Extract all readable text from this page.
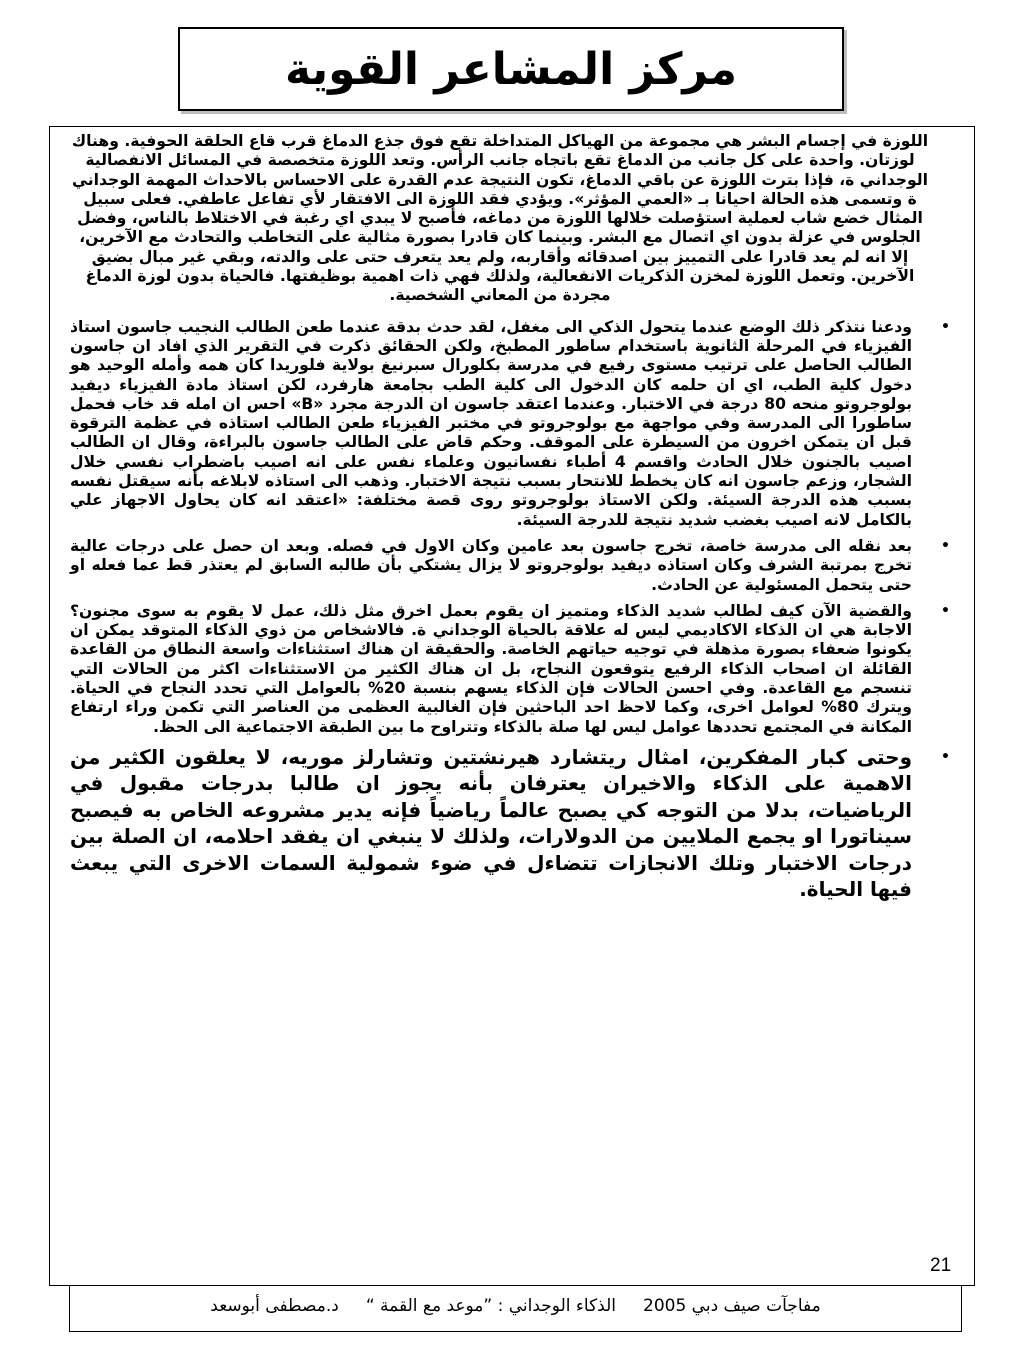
مركز المشاعر القوية

اللوزة في إجسام البشر هي مجموعة من الهياكل المتداخلة تقع فوق جذع الدماغ قرب قاع الحلقة الحوفية. وهناك لوزتان. واحدة على كل جانب من الدماغ تقع باتجاه جانب الرأس. وتعد اللوزة متخصصة في المسائل الانفصالية الوجداني ة، فإذا بترت اللوزة عن باقي الدماغ، تكون النتيجة عدم القدرة على الاحساس بالاحداث المهمة الوجداني ة وتسمى هذه الحالة احيانا بـ «العمي المؤثر». ويؤدي فقد اللوزة الى الافتقار لأي تفاعل عاطفي. فعلى سبيل المثال خضع شاب لعملية استؤصلت خلالها اللوزة من دماغه، فأصبح لا يبدي اي رغبة في الاختلاط بالناس، وفضل الجلوس في عزلة بدون اي اتصال مع البشر. وبينما كان قادرا بصورة مثالية على التخاطب والتحادث مع الآخرين، إلا انه لم يعد قادرا على التمييز بين اصدقائه وأقاربه، ولم يعد يتعرف حتى على والدته، وبقي غير مبال بضيق الآخرين. وتعمل اللوزة لمخزن الذكريات الانفعالية، ولذلك فهي ذات اهمية بوظيفتها. فالحياة بدون لوزة الدماغ مجردة من المعاني الشخصية.

•
ودعنا نتذكر ذلك الوضع عندما يتحول الذكي الى مغفل، لقد حدث بدقة عندما طعن الطالب النجيب جاسون استاذ الفيزياء في المرحلة الثانوية باستخدام ساطور المطبخ، ولكن الحقائق ذكرت في التقرير الذي افاد ان جاسون الطالب الحاصل على ترتيب مستوى رفيع في مدرسة بكلورال سبرنيغ بولاية فلوريدا كان همه وأمله الوحيد هو دخول كلية الطب، اي ان حلمه كان الدخول الى كلية الطب بجامعة هارفرد، لكن استاذ مادة الفيزياء ديفيد بولوجروتو منحه 80 درجة في الاختبار. وعندما اعتقد جاسون ان الدرجة مجرد «B» احس ان امله قد خاب فحمل ساطورا الى المدرسة وفي مواجهة مع بولوجروتو في مختبر الفيزياء طعن الطالب استاذه في عظمة الترقوة قبل ان يتمكن اخرون من السيطرة على الموقف. وحكم قاض على الطالب جاسون بالبراءة، وقال ان الطالب اصيب بالجنون خلال الحادث واقسم 4 أطباء نفسانيون وعلماء نفس على انه اصيب باضطراب نفسي خلال الشجار، وزعم جاسون انه كان يخطط للانتحار بسبب نتيجة الاختبار. وذهب الى استاذه لابلاغه بأنه سيقتل نفسه بسبب هذه الدرجة السيئة. ولكن الاستاذ بولوجروتو روى قصة مختلفة: «اعتقد انه كان يحاول الاجهاز علي بالكامل لانه اصيب بغضب شديد نتيجة للدرجة السيئة.
•
بعد نقله الى مدرسة خاصة، تخرج جاسون بعد عامين وكان الاول في فصله. وبعد ان حصل على درجات عالية تخرج بمرتبة الشرف وكان استاذه ديفيد بولوجروتو لا يزال يشتكي بأن طالبه السابق لم يعتذر قط عما فعله او حتى يتحمل المسئولية عن الحادث.
•
والقضية الآن كيف لطالب شديد الذكاء ومتميز ان يقوم بعمل اخرق مثل ذلك، عمل لا يقوم به سوى مجنون؟ الاجابة هي ان الذكاء الاكاديمي ليس له علاقة بالحياة الوجداني ة. فالاشخاص من ذوي الذكاء المتوقد يمكن ان يكونوا ضعفاء بصورة مذهلة في توجيه حياتهم الخاصة. والحقيقة ان هناك استثناءات واسعة النطاق من القاعدة القائلة ان اصحاب الذكاء الرفيع يتوقعون النجاح، بل ان هناك الكثير من الاستثناءات اكثر من الحالات التي تنسجم مع القاعدة. وفي احسن الحالات فإن الذكاء يسهم بنسبة 20% بالعوامل التي تحدد النجاح في الحياة. ويترك 80% لعوامل اخرى، وكما لاحظ احد الباحثين فإن الغالبية العظمى من العناصر التي تكمن وراء ارتفاع المكانة في المجتمع تحددها عوامل ليس لها صلة بالذكاء وتتراوح ما بين الطبقة الاجتماعية الى الحظ.
•
وحتى كبار المفكرين، امثال ريتشارد هيرنشتين وتشارلز موريه، لا يعلقون الكثير من الاهمية على الذكاء والاخيران يعترفان بأنه يجوز ان طالبا بدرجات مقبول في الرياضيات، بدلا من التوجه كي يصبح عالماً رياضياً فإنه يدير مشروعه الخاص به فيصبح سيناتورا او يجمع الملايين من الدولارات، ولذلك لا ينبغي ان يفقد احلامه، ان الصلة بين درجات الاختبار وتلك الانجازات تتضاءل في ضوء شمولية السمات الاخرى التي يبعث فيها الحياة.
21
مفاجآت صيف دبي 2005     الذكاء الوجداني : ”موعد مع القمة “     د.مصطفى أبوسعد
